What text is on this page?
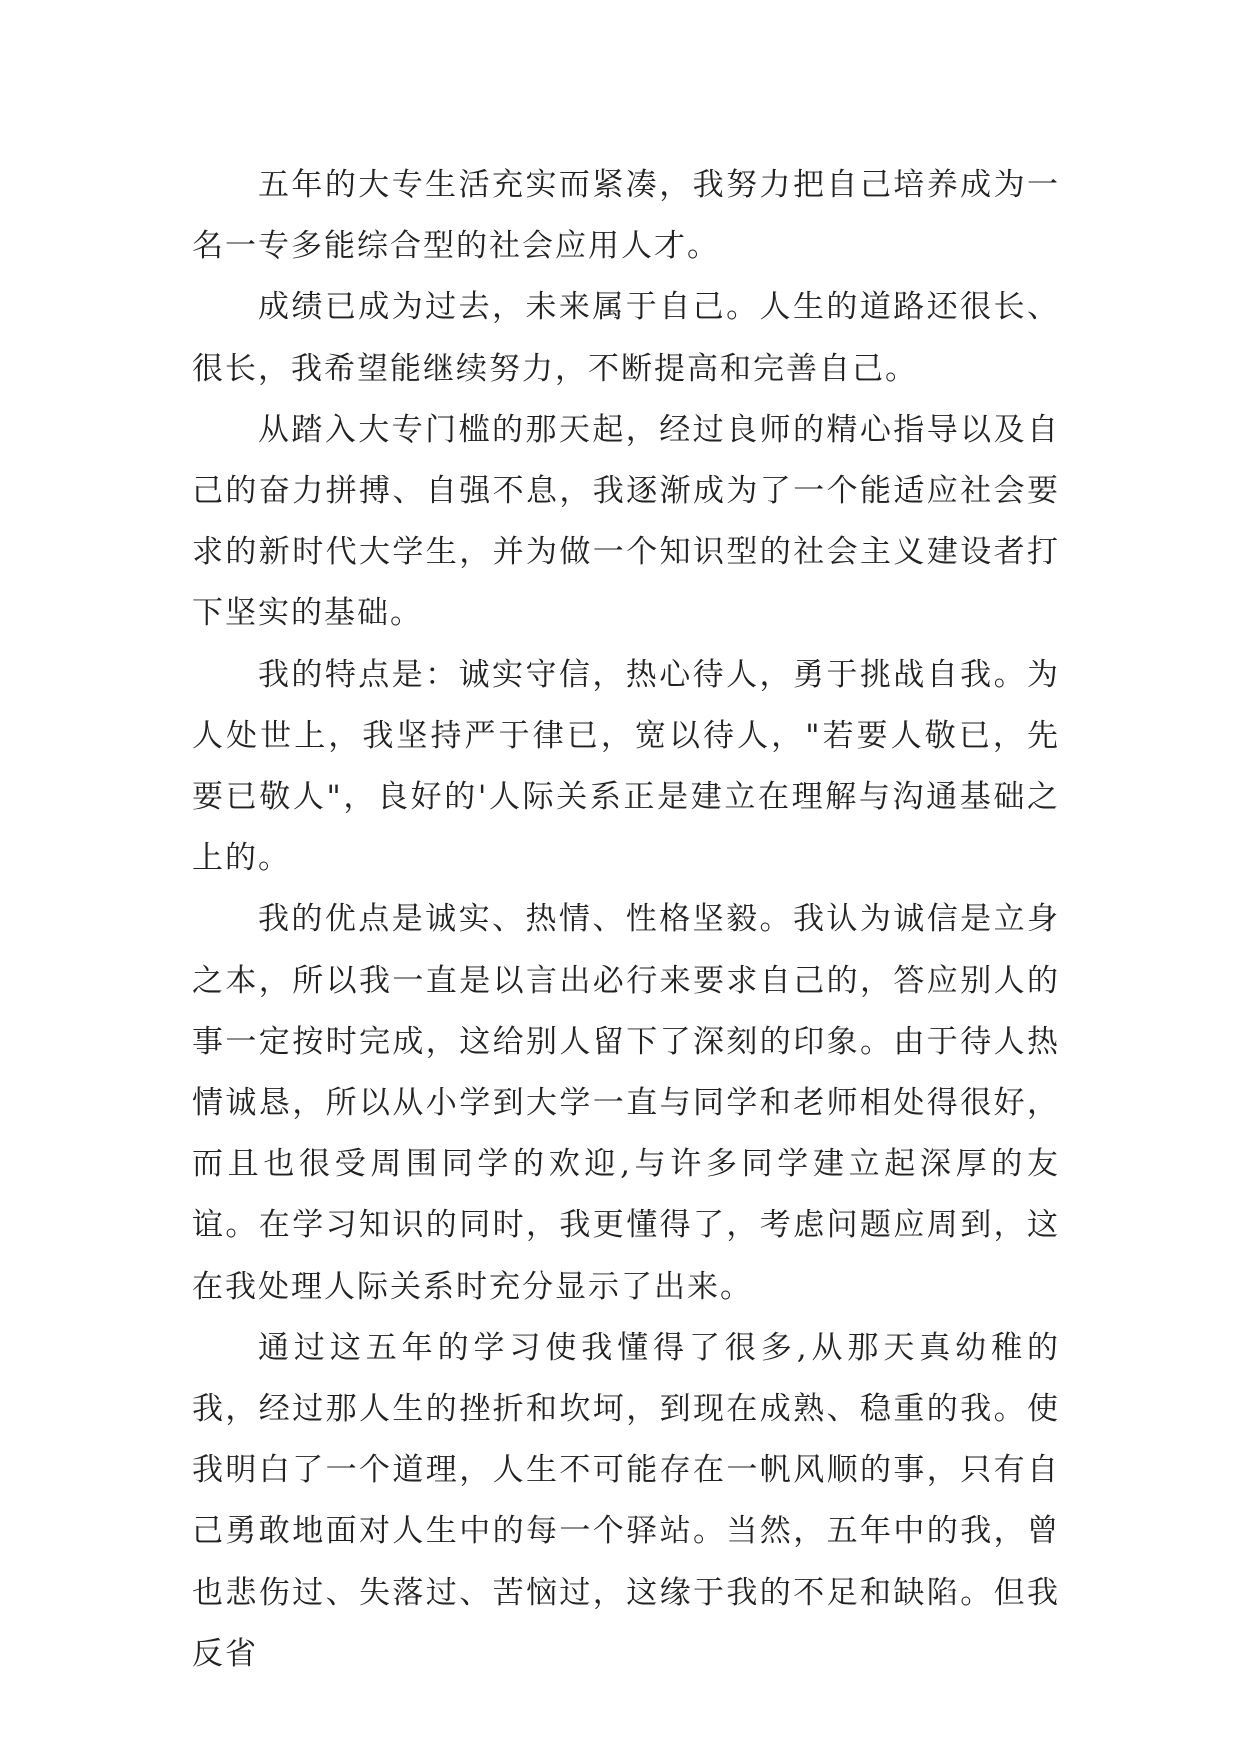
五年的大专生活充实而紧凑，我努力把自己培养成为一名一专多能综合型的社会应用人才。

成绩已成为过去，未来属于自己。人生的道路还很长、很长，我希望能继续努力，不断提高和完善自己。

从踏入大专门槛的那天起，经过良师的精心指导以及自己的奋力拼搏、自强不息，我逐渐成为了一个能适应社会要求的新时代大学生，并为做一个知识型的社会主义建设者打下坚实的基础。

我的特点是：诚实守信，热心待人，勇于挑战自我。为人处世上，我坚持严于律已，宽以待人，"若要人敬已，先要已敬人"，良好的'人际关系正是建立在理解与沟通基础之上的。

我的优点是诚实、热情、性格坚毅。我认为诚信是立身之本，所以我一直是以言出必行来要求自己的，答应别人的事一定按时完成，这给别人留下了深刻的印象。由于待人热情诚恳，所以从小学到大学一直与同学和老师相处得很好，而且也很受周围同学的欢迎,与许多同学建立起深厚的友谊。在学习知识的同时，我更懂得了，考虑问题应周到，这在我处理人际关系时充分显示了出来。

通过这五年的学习使我懂得了很多,从那天真幼稚的我，经过那人生的挫折和坎坷，到现在成熟、稳重的我。使我明白了一个道理，人生不可能存在一帆风顺的事，只有自己勇敢地面对人生中的每一个驿站。当然，五年中的我，曾也悲伤过、失落过、苦恼过，这缘于我的不足和缺陷。但我反省
